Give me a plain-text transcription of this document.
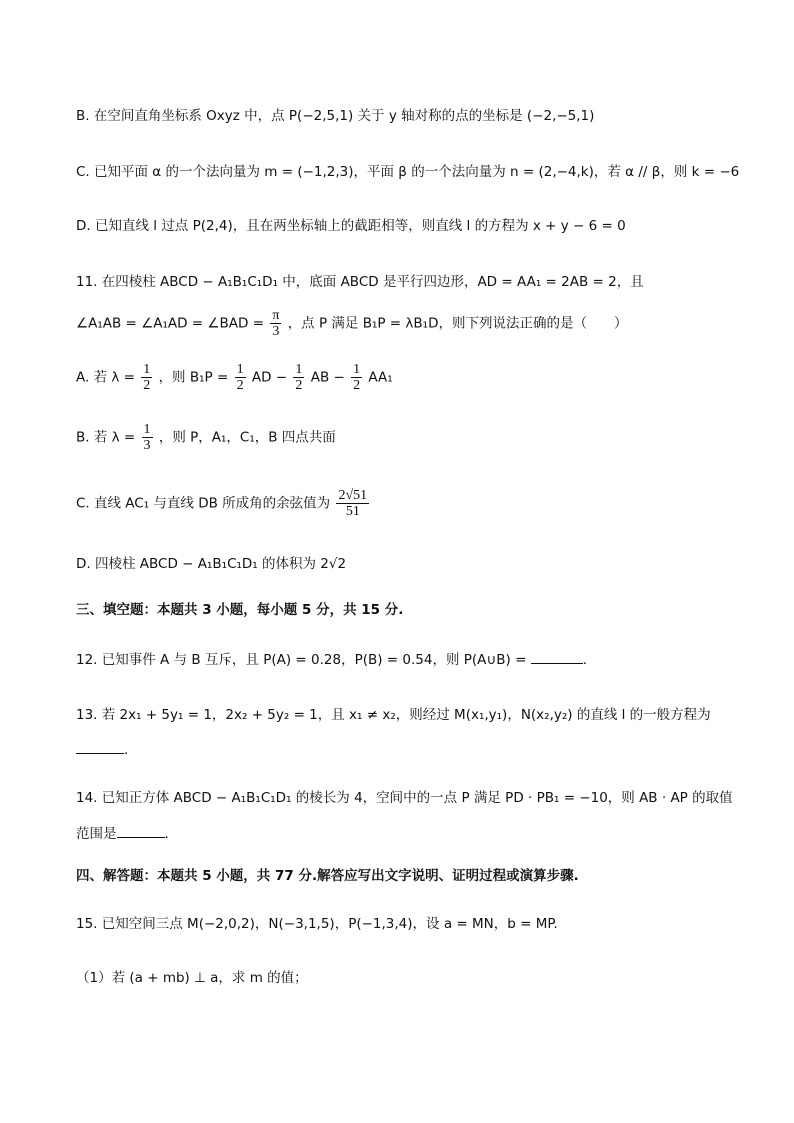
B. 在空间直角坐标系 Oxyz 中，点 P(−2,5,1) 关于 y 轴对称的点的坐标是 (−2,−5,1)
C. 已知平面 α 的一个法向量为 m = (−1,2,3)，平面 β 的一个法向量为 n = (2,−4,k)，若 α // β，则 k = −6
D. 已知直线 l 过点 P(2,4)，且在两坐标轴上的截距相等，则直线 l 的方程为 x + y − 6 = 0
11. 在四棱柱 ABCD − A₁B₁C₁D₁ 中，底面 ABCD 是平行四边形，AD = AA₁ = 2AB = 2，且
∠A₁AB = ∠A₁AD = ∠BAD = $\frac{\pi}{3}$ ，点 P 满足 B₁P = λB₁D，则下列说法正确的是（　　）
A. 若 $\lambda = \frac{1}{2}$ ，则 $B_1P = \frac{1}{2}$ AD − $\frac{1}{2}$ AB − $\frac{1}{2} AA_1$
B. 若 $\lambda = \frac{1}{3}$ ，则 P，A₁，C₁，B 四点共面
C. 直线 AC₁ 与直线 DB 所成角的余弦值为 $\frac{2√51}{51}$
D. 四棱柱 ABCD − A₁B₁C₁D₁ 的体积为 2√2
三、填空题：本题共 3 小题，每小题 5 分，共 15 分.
12. 已知事件 A 与 B 互斥，且 P(A) = 0.28，P(B) = 0.54，则 P(A∪B) =	.
13. 若 2x₁ + 5y₁ = 1，2x₂ + 5y₂ = 1，且 x₁ ≠ x₂，则经过 M(x₁,y₁)，N(x₂,y₂) 的直线 l 的一般方程为
.
14. 已知正方体 ABCD − A₁B₁C₁D₁ 的棱长为 4，空间中的一点 P 满足 PD · PB₁ = −10，则 AB · AP 的取值
范围是	.
四、解答题：本题共 5 小题，共 77 分.解答应写出文字说明、证明过程或演算步骤.
15. 已知空间三点 M(−2,0,2)，N(−3,1,5)，P(−1,3,4)，设 a = MN，b = MP.
（1）若 (a + mb) ⊥ a，求 m 的值；
